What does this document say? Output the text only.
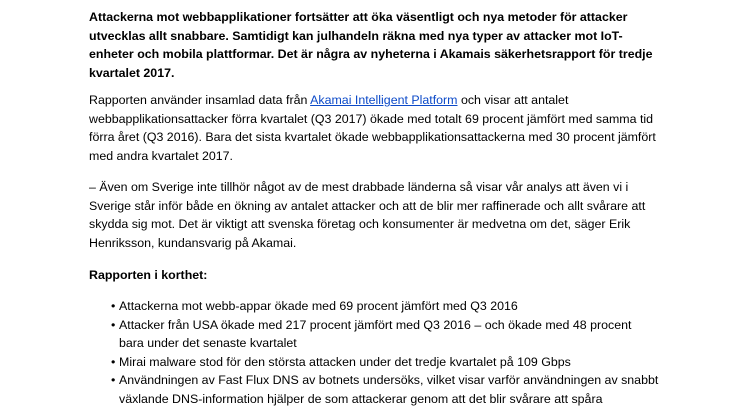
Attackerna mot webbapplikationer fortsätter att öka väsentligt och nya metoder för attacker utvecklas allt snabbare. Samtidigt kan julhandeln räkna med nya typer av attacker mot IoT-enheter och mobila plattformar. Det är några av nyheterna i Akamais säkerhetsrapport för tredje kvartalet 2017.

Rapporten använder insamlad data från Akamai Intelligent Platform och visar att antalet webbapplikationsattacker förra kvartalet (Q3 2017) ökade med totalt 69 procent jämfört med samma tid förra året (Q3 2016). Bara det sista kvartalet ökade webbapplikationsattackerna med 30 procent jämfört med andra kvartalet 2017.

– Även om Sverige inte tillhör något av de mest drabbade länderna så visar vår analys att även vi i Sverige står inför både en ökning av antalet attacker och att de blir mer raffinerade och allt svårare att skydda sig mot. Det är viktigt att svenska företag och konsumenter är medvetna om det, säger Erik Henriksson, kundansvarig på Akamai.

Rapporten i korthet:

• Attackerna mot webb-appar ökade med 69 procent jämfört med Q3 2016
• Attacker från USA ökade med 217 procent jämfört med Q3 2016 – och ökade med 48 procent bara under det senaste kvartalet
• Mirai malware stod för den största attacken under det tredje kvartalet på 109 Gbps
• Användningen av Fast Flux DNS av botnets undersöks, vilket visar varför användningen av snabbt växlande DNS-information hjälper de som attackerar genom att det blir svårare att spåra
